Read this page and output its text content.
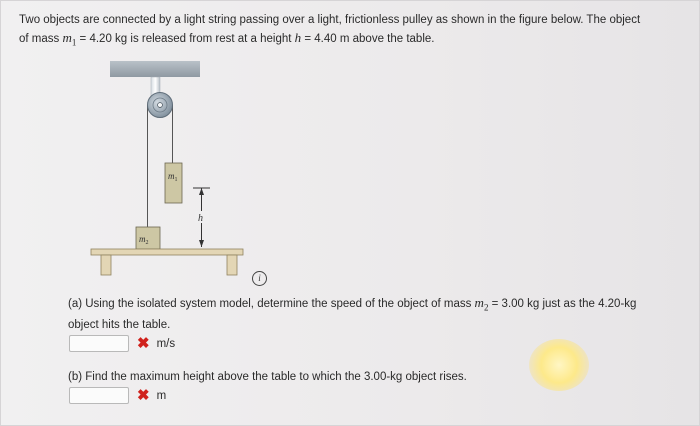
Two objects are connected by a light string passing over a light, frictionless pulley as shown in the figure below. The object
of mass $m_1 = 4.20$ kg is released from rest at a height h = 4.40 m above the table.
$m_1$
h
$m_2$
i
(a) Using the isolated system model, determine the speed of the object of mass $m_2 = 3.00$ kg just as the 4.20-kg
object hits the table.
✖ m/s
(b) Find the maximum height above the table to which the 3.00-kg object rises.
✖ m
